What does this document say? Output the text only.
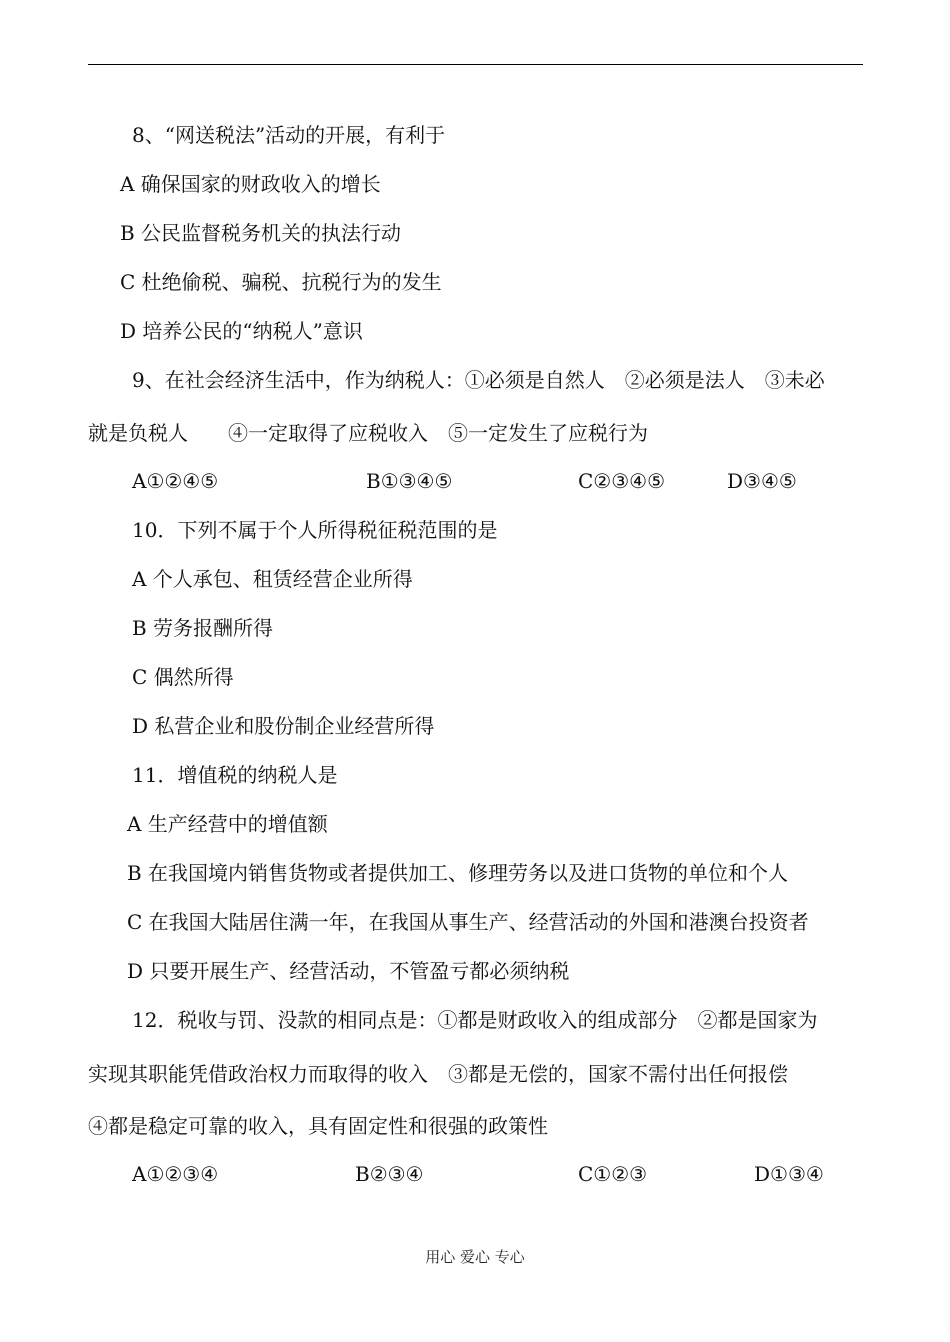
8、“网送税法”活动的开展，有利于
A 确保国家的财政收入的增长
B 公民监督税务机关的执法行动
C 杜绝偷税、骗税、抗税行为的发生
D 培养公民的“纳税人”意识
9、在社会经济生活中，作为纳税人：①必须是自然人　②必须是法人　③未必
就是负税人　　④一定取得了应税收入　⑤一定发生了应税行为
A①②④⑤	B①③④⑤	C②③④⑤	D③④⑤
10．下列不属于个人所得税征税范围的是
A 个人承包、租赁经营企业所得
B 劳务报酬所得
C 偶然所得
D 私营企业和股份制企业经营所得
11．增值税的纳税人是
A 生产经营中的增值额
B 在我国境内销售货物或者提供加工、修理劳务以及进口货物的单位和个人
C 在我国大陆居住满一年，在我国从事生产、经营活动的外国和港澳台投资者
D 只要开展生产、经营活动，不管盈亏都必须纳税
12．税收与罚、没款的相同点是：①都是财政收入的组成部分　②都是国家为
实现其职能凭借政治权力而取得的收入　③都是无偿的，国家不需付出任何报偿
④都是稳定可靠的收入，具有固定性和很强的政策性
A①②③④	B②③④	C①②③	D①③④
用心 爱心 专心
